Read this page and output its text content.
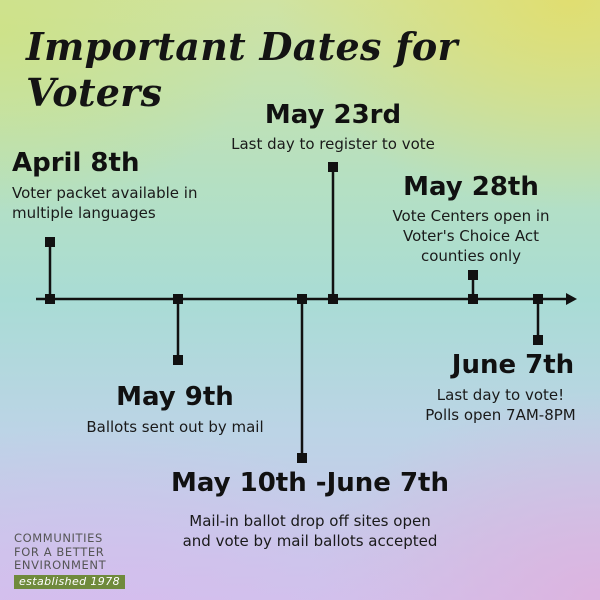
Important Dates for
Voters
April 8th
Voter packet available in
multiple languages
May 23rd
Last day to register to vote
May 28th
Vote Centers open in
Voter's Choice Act
counties only
May 9th
Ballots sent out by mail
June 7th
Last day to vote!
Polls open 7AM-8PM
May 10th -June 7th
Mail-in ballot drop off sites open
and vote by mail ballots accepted
COMMUNITIES
FOR A BETTER
ENVIRONMENT
established 1978
